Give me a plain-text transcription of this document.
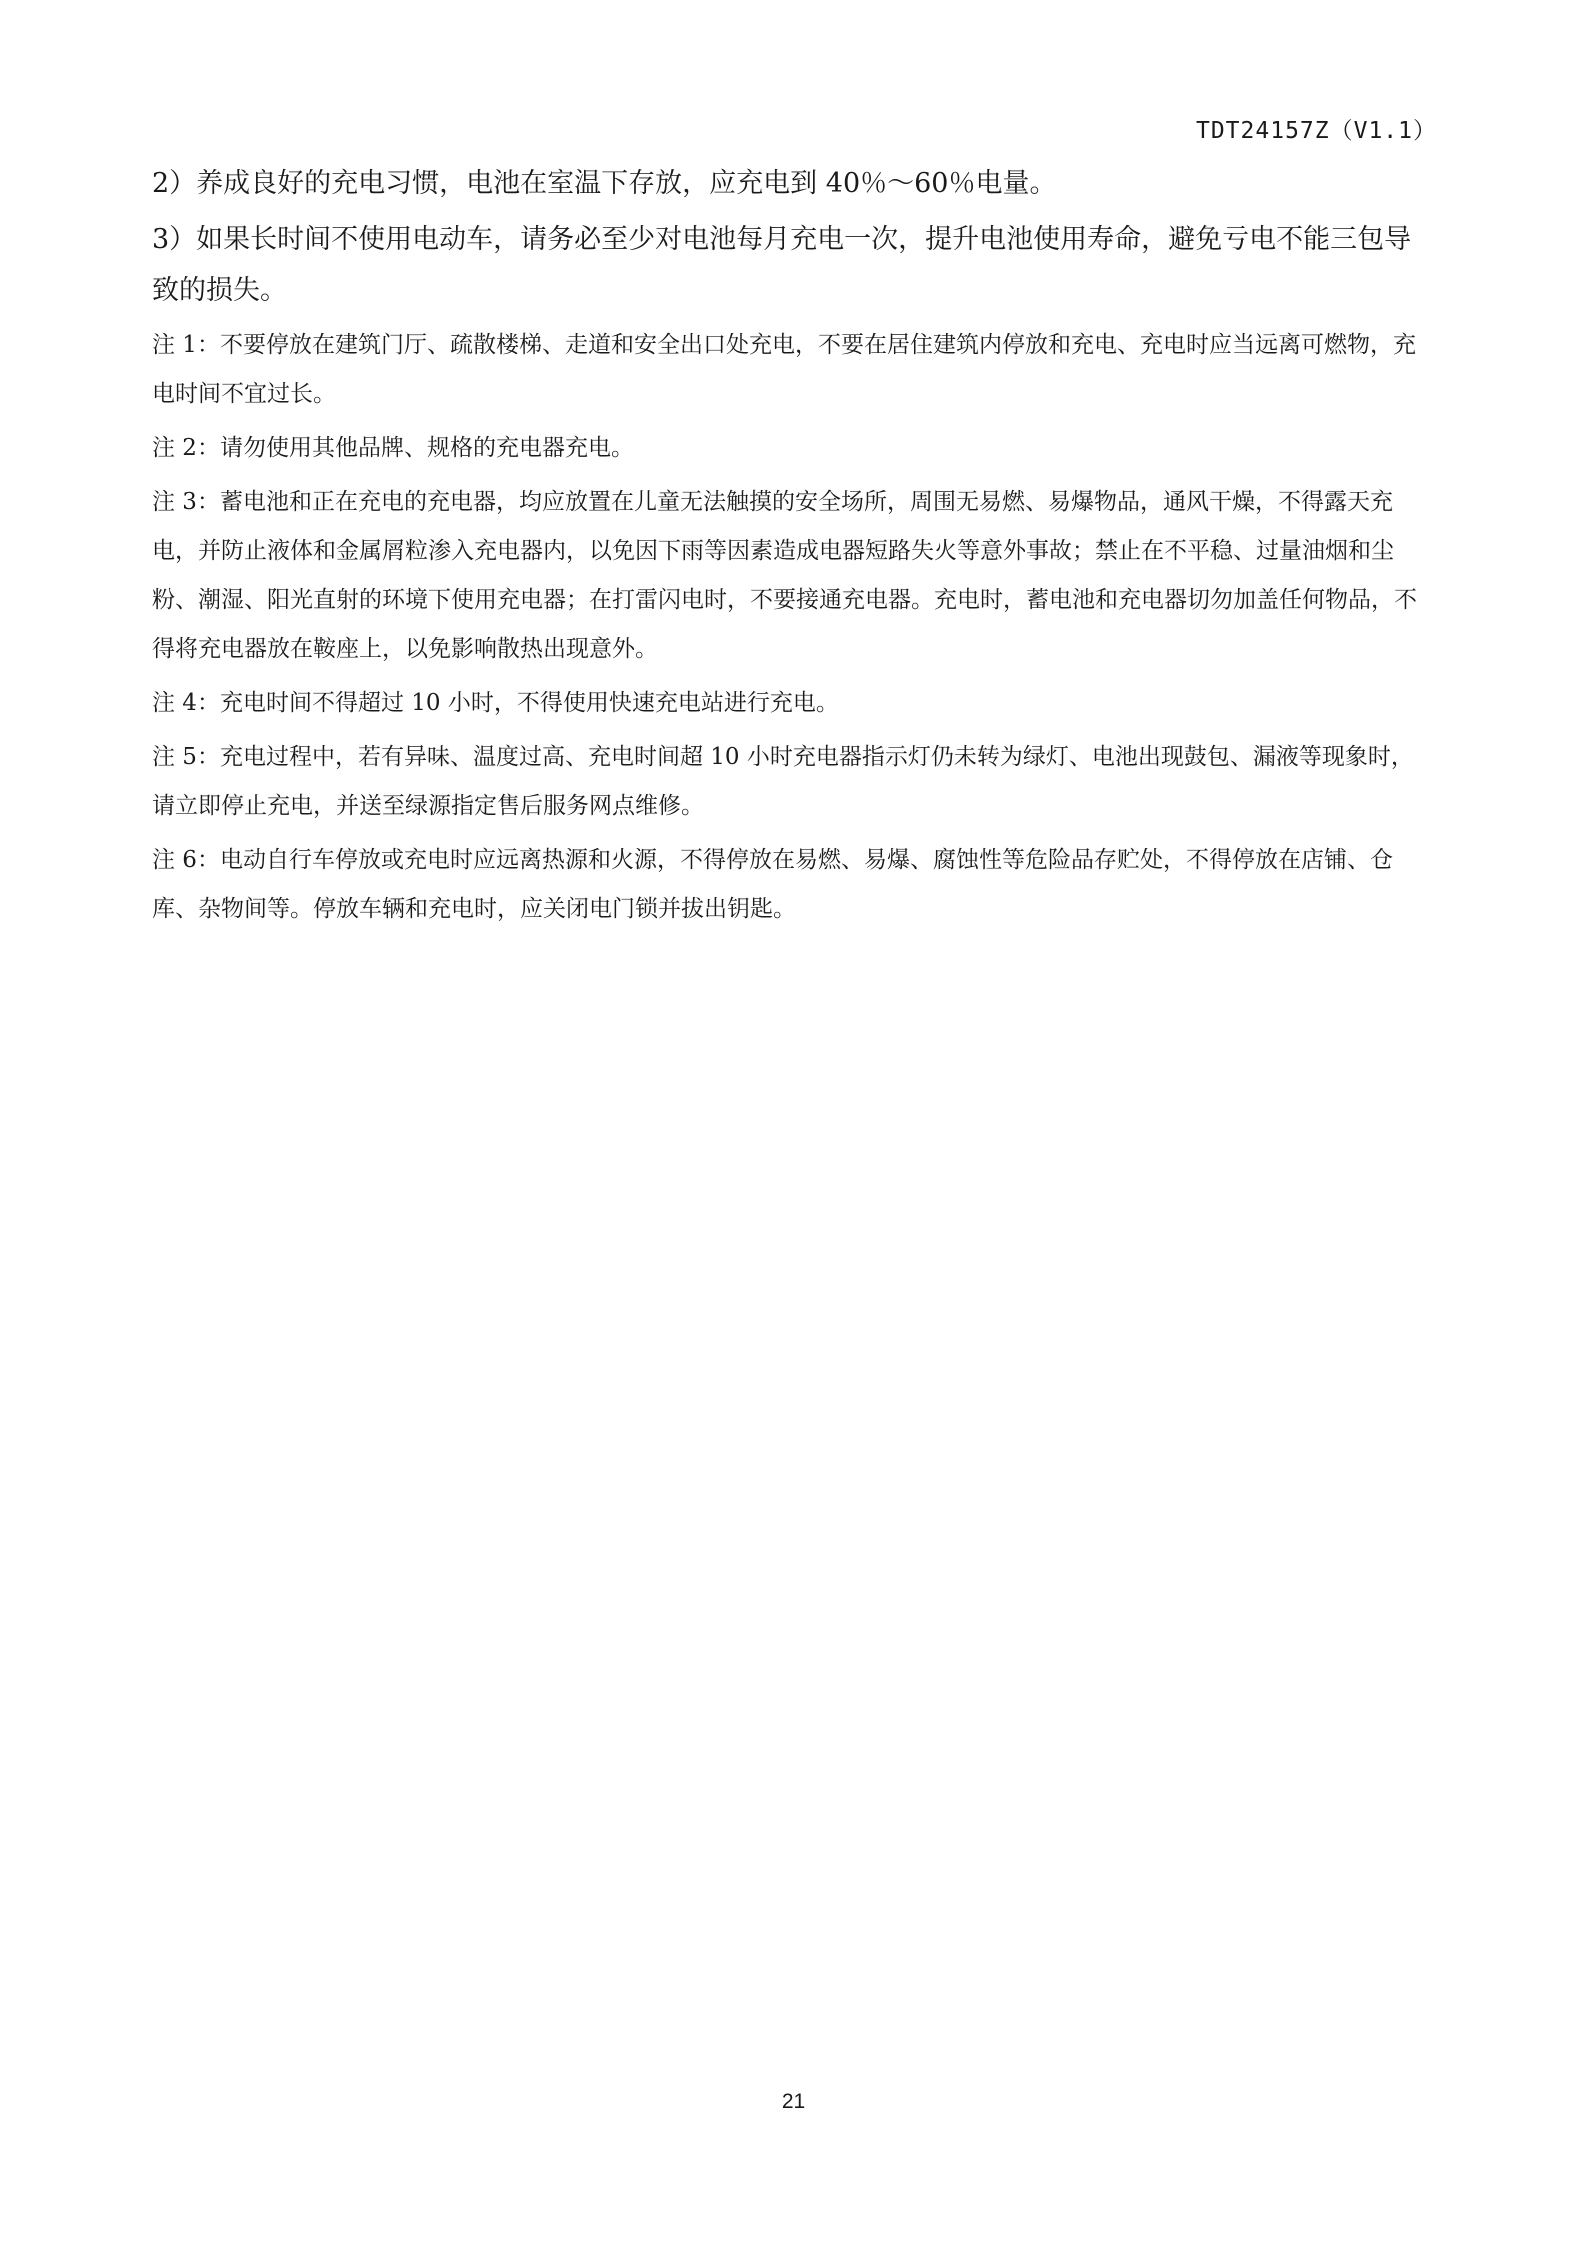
TDT24157Z（V1.1）

2）养成良好的充电习惯，电池在室温下存放，应充电到 40％～60％电量。

3）如果长时间不使用电动车，请务必至少对电池每月充电一次，提升电池使用寿命，避免亏电不能三包导致的损失。

注 1：不要停放在建筑门厅、疏散楼梯、走道和安全出口处充电，不要在居住建筑内停放和充电、充电时应当远离可燃物，充电时间不宜过长。

注 2：请勿使用其他品牌、规格的充电器充电。

注 3：蓄电池和正在充电的充电器，均应放置在儿童无法触摸的安全场所，周围无易燃、易爆物品，通风干燥，不得露天充电，并防止液体和金属屑粒渗入充电器内，以免因下雨等因素造成电器短路失火等意外事故；禁止在不平稳、过量油烟和尘粉、潮湿、阳光直射的环境下使用充电器；在打雷闪电时，不要接通充电器。充电时，蓄电池和充电器切勿加盖任何物品，不得将充电器放在鞍座上，以免影响散热出现意外。

注 4：充电时间不得超过 10 小时，不得使用快速充电站进行充电。

注 5：充电过程中，若有异味、温度过高、充电时间超 10 小时充电器指示灯仍未转为绿灯、电池出现鼓包、漏液等现象时，请立即停止充电，并送至绿源指定售后服务网点维修。

注 6：电动自行车停放或充电时应远离热源和火源，不得停放在易燃、易爆、腐蚀性等危险品存贮处，不得停放在店铺、仓库、杂物间等。停放车辆和充电时，应关闭电门锁并拔出钥匙。

21
